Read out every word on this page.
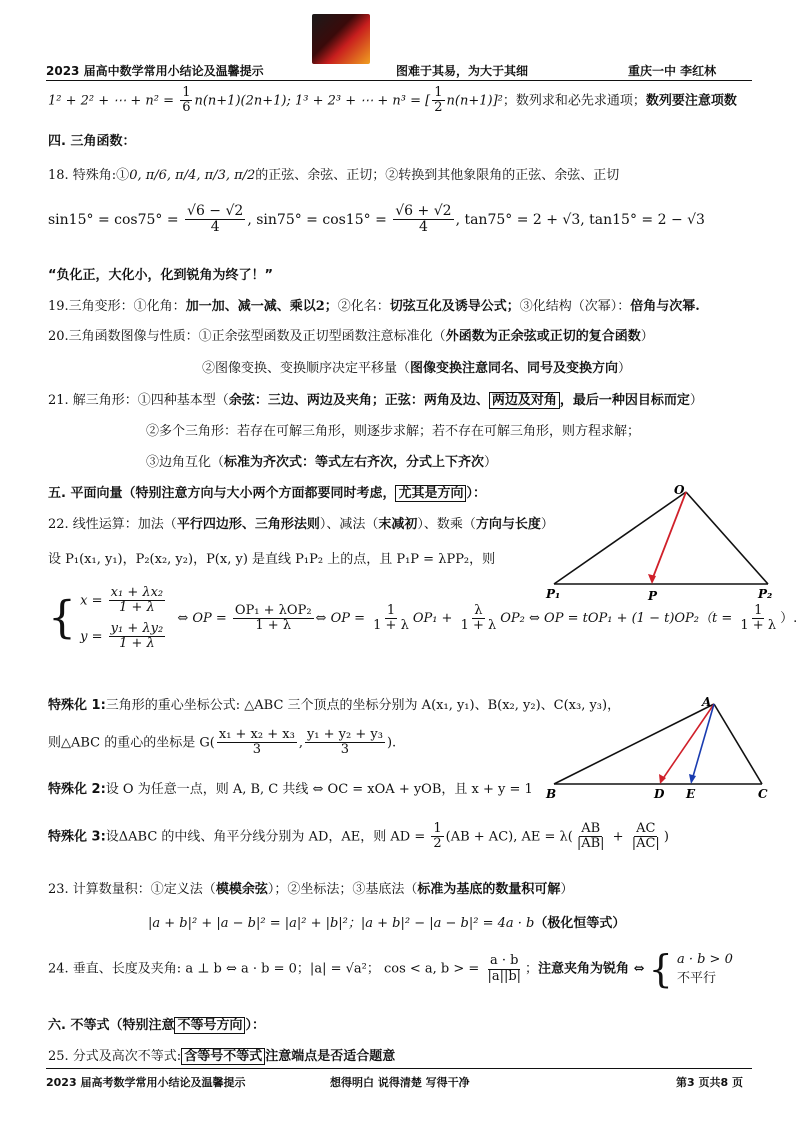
2023 届高中数学常用小结论及温馨提示	图难于其易，为大于其细	重庆一中 李红林
1² + 2² + ⋯ + $n^2 = \frac{1}{6} n(n+1)(2n+1)$; 1³ + 2³ + ⋯ + n³ = [ $\frac{1}{2} n(n+1)]^2$；数列求和必先求通项；数列要注意项数
四. 三角函数：
18. 特殊角:①0, π/6, π/4, π/3, π/2的正弦、余弦、正切；②转换到其他象限角的正弦、余弦、正切
$\sin 15^\circ = \cos 75^\circ = \frac{√6 - √2}{4}$ , $\sin 75^\circ = \cos 15^\circ = \frac{√6 + √2}{4}$ , tan75° = 2 + √3, tan15° = 2 − √3
“负化正，大化小，化到锐角为终了！”
19.三角变形：①化角：加一加、减一减、乘以2；②化名：切弦互化及诱导公式；③化结构（次幂）：倍角与次幂.
20.三角函数图像与性质：①正余弦型函数及正切型函数注意标准化（外函数为正余弦或正切的复合函数）
②图像变换、变换顺序决定平移量（图像变换注意同名、同号及变换方向）
21. 解三角形：①四种基本型（余弦：三边、两边及夹角；正弦：两角及边、 两边及对角 ，最后一种因目标而定）
②多个三角形：若存在可解三角形，则逐步求解；若不存在可解三角形，则方程求解；
③边角互化（标准为齐次式：等式左右齐次，分式上下齐次）
五. 平面向量（特别注意方向与大小两个方面都要同时考虑， 尤其是方向 ）：
22. 线性运算：加法（平行四边形、三角形法则）、减法（末减初）、数乘（方向与长度）
设 P₁(x₁, y₁)，P₂(x₂, y₂)，P(x, y) 是直线 P₁P₂ 上的点，且 P₁P = λPP₂，则
O
P₁	P	P₂
{ $x = \frac{\text{x₁ + λx₂}}{1 + \lambda}$
$y = \frac{\text{y₁ + λy₂}}{1 + \lambda}$
⇔ OP = $\frac{\text{OP₁ + λOP₂}}{1 + \lambda}$ ⇔ OP = $\frac{1}{1 + \lambda} OP_1 + \frac{\lambda}{1 + \lambda} OP_2$ ⇔ OP = $tOP_1 + (1 - t)OP_2(t = \frac{1}{1 + \lambda}$ ）.
特殊化 1:三角形的重心坐标公式: △ABC 三个顶点的坐标分别为 A(x₁, y₁)、B(x₂, y₂)、C(x₃, y₃)，
则△ABC 的重心的坐标是 $G( \frac{\text{x₁ + x₂ + x₃}}{3}$ , $\frac{\text{y₁ + y₂ + y₃}}{3}$ ).
特殊化 2:设 O 为任意一点，则 A, B, C 共线 ⇔ OC = xOA + yOB，且 x + y = 1
A
B	D E	C
特殊化 3:设ΔABC 的中线、角平分线分别为 AD，AE，则 AD = $\frac{1}{2} (AB + AC)$, AE = $\lambda( \frac{AB}{|AB|} + \frac{AC}{|AC|}$ )
23. 计算数量积：①定义法（模模余弦）；②坐标法；③基底法（标准为基底的数量积可解）
|a + b|² + |a − b|² = |a|² + |b|²；|a + b|² − |a − b|² = 4a · b（极化恒等式）
24. 垂直、长度及夹角: a ⊥ b ⇔ a · b = 0；|a| = √a²； cos < a, b > = $\frac{a \cdot b}{|a||b|}$ ；注意夹角为锐角 ⇔ { a · b > 0
不平行
六. 不等式（特别注意 不等号方向 ）：
25. 分式及高次不等式: 含等号不等式 注意端点是否适合题意
2023 届高考数学常用小结论及温馨提示	想得明白 说得清楚 写得干净	第3 页共8 页
